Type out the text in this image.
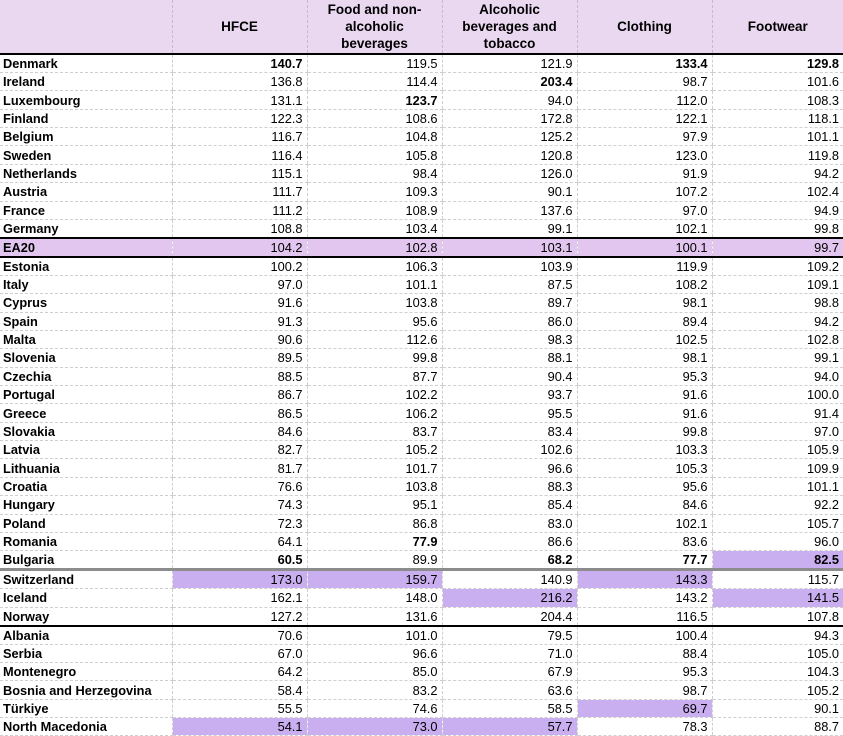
	HFCE	Food and non-alcoholic beverages	Alcoholic beverages and tobacco	Clothing	Footwear
Denmark	140.7	119.5	121.9	133.4	129.8
Ireland	136.8	114.4	203.4	98.7	101.6
Luxembourg	131.1	123.7	94.0	112.0	108.3
Finland	122.3	108.6	172.8	122.1	118.1
Belgium	116.7	104.8	125.2	97.9	101.1
Sweden	116.4	105.8	120.8	123.0	119.8
Netherlands	115.1	98.4	126.0	91.9	94.2
Austria	111.7	109.3	90.1	107.2	102.4
France	111.2	108.9	137.6	97.0	94.9
Germany	108.8	103.4	99.1	102.1	99.8
EA20	104.2	102.8	103.1	100.1	99.7
Estonia	100.2	106.3	103.9	119.9	109.2
Italy	97.0	101.1	87.5	108.2	109.1
Cyprus	91.6	103.8	89.7	98.1	98.8
Spain	91.3	95.6	86.0	89.4	94.2
Malta	90.6	112.6	98.3	102.5	102.8
Slovenia	89.5	99.8	88.1	98.1	99.1
Czechia	88.5	87.7	90.4	95.3	94.0
Portugal	86.7	102.2	93.7	91.6	100.0
Greece	86.5	106.2	95.5	91.6	91.4
Slovakia	84.6	83.7	83.4	99.8	97.0
Latvia	82.7	105.2	102.6	103.3	105.9
Lithuania	81.7	101.7	96.6	105.3	109.9
Croatia	76.6	103.8	88.3	95.6	101.1
Hungary	74.3	95.1	85.4	84.6	92.2
Poland	72.3	86.8	83.0	102.1	105.7
Romania	64.1	77.9	86.6	83.6	96.0
Bulgaria	60.5	89.9	68.2	77.7	82.5
Switzerland	173.0	159.7	140.9	143.3	115.7
Iceland	162.1	148.0	216.2	143.2	141.5
Norway	127.2	131.6	204.4	116.5	107.8
Albania	70.6	101.0	79.5	100.4	94.3
Serbia	67.0	96.6	71.0	88.4	105.0
Montenegro	64.2	85.0	67.9	95.3	104.3
Bosnia and Herzegovina	58.4	83.2	63.6	98.7	105.2
Türkiye	55.5	74.6	58.5	69.7	90.1
North Macedonia	54.1	73.0	57.7	78.3	88.7
